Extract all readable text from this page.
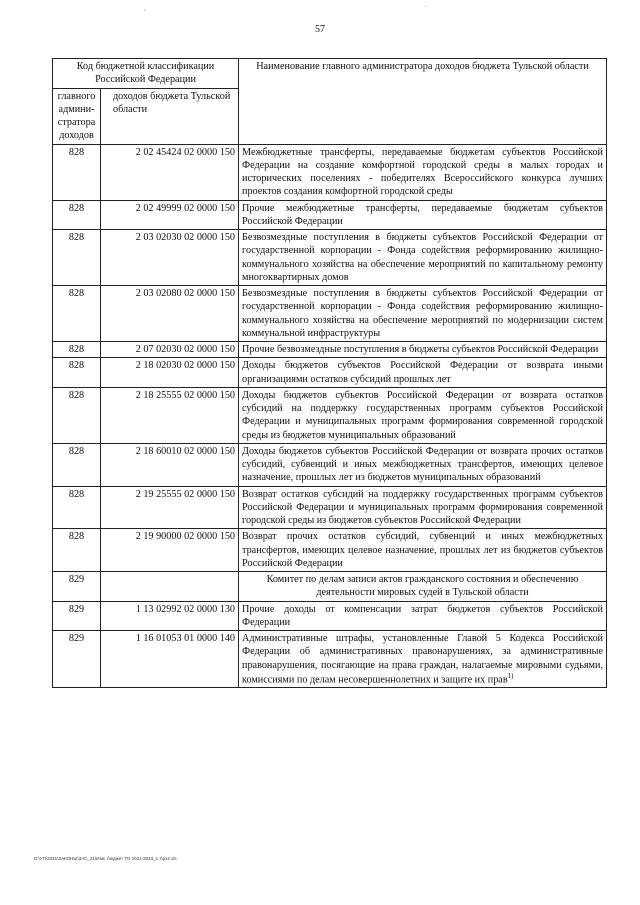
57
,	·
Код бюджетной классификации Российской Федерации		Наименование главного администратора доходов бюджета Тульской области
главного админи-стратора доходов	доходов бюджета Тульской области	
828	2 02 45424 02 0000 150	Межбюджетные трансферты, передаваемые бюджетам субъектов Российской Федерации на создание комфортной городской среды в малых городах и исторических поселениях - победителях Всероссийского конкурса лучших проектов создания комфортной городской среды
828	2 02 49999 02 0000 150	Прочие межбюджетные трансферты, передаваемые бюджетам субъектов Российской Федерации
828	2 03 02030 02 0000 150	Безвозмездные поступления в бюджеты субъектов Российской Федерации от государственной корпорации - Фонда содействия реформированию жилищно-коммунального хозяйства на обеспечение мероприятий по капитальному ремонту многоквартирных домов
828	2 03 02080 02 0000 150	Безвозмездные поступления в бюджеты субъектов Российской Федерации от государственной корпорации - Фонда содействия реформированию жилищно-коммунального хозяйства на обеспечение мероприятий по модернизации систем коммунальной инфраструктуры
828	2 07 02030 02 0000 150	Прочие безвозмездные поступления в бюджеты субъектов Российской Федерации
828	2 18 02030 02 0000 150	Доходы бюджетов субъектов Российской Федерации от возврата иными организациями остатков субсидий прошлых лет
828	2 18 25555 02 0000 150	Доходы бюджетов субъектов Российской Федерации от возврата остатков субсидий на поддержку государственных программ субъектов Российской Федерации и муниципальных программ формирования современной городской среды из бюджетов муниципальных образований
828	2 18 60010 02 0000 150	Доходы бюджетов субъектов Российской Федерации от возврата прочих остатков субсидий, субвенций и иных межбюджетных трансфертов, имеющих целевое назначение, прошлых лет из бюджетов муниципальных образований
828	2 19 25555 02 0000 150	Возврат остатков субсидий на поддержку государственных программ субъектов Российской Федерации и муниципальных программ формирования современной городской среды из бюджетов субъектов Российской Федерации
828	2 19 90000 02 0000 150	Возврат прочих остатков субсидий, субвенций и иных межбюджетных трансфертов, имеющих целевое назначение, прошлых лет из бюджетов субъектов Российской Федерации
829		Комитет по делам записи актов гражданского состояния и обеспечению деятельности мировых судей в Тульской области
829	1 13 02992 02 0000 130	Прочие доходы от компенсации затрат бюджетов субъектов Российской Федерации
829	1 16 01053 01 0000 140	Административные штрафы, установленные Главой 5 Кодекса Российской Федерации об административных правонарушениях, за административные правонарушения, посягающие на права граждан, налагаемые мировыми судьями, комиссиями по делам несовершеннолетних и защите их прав$^{1)}$
D:\УП\2021\ЗАКОНЫ\ЗАС_21\Изм. бюджет ТО 2021-2023_1 т\рх2.xls
